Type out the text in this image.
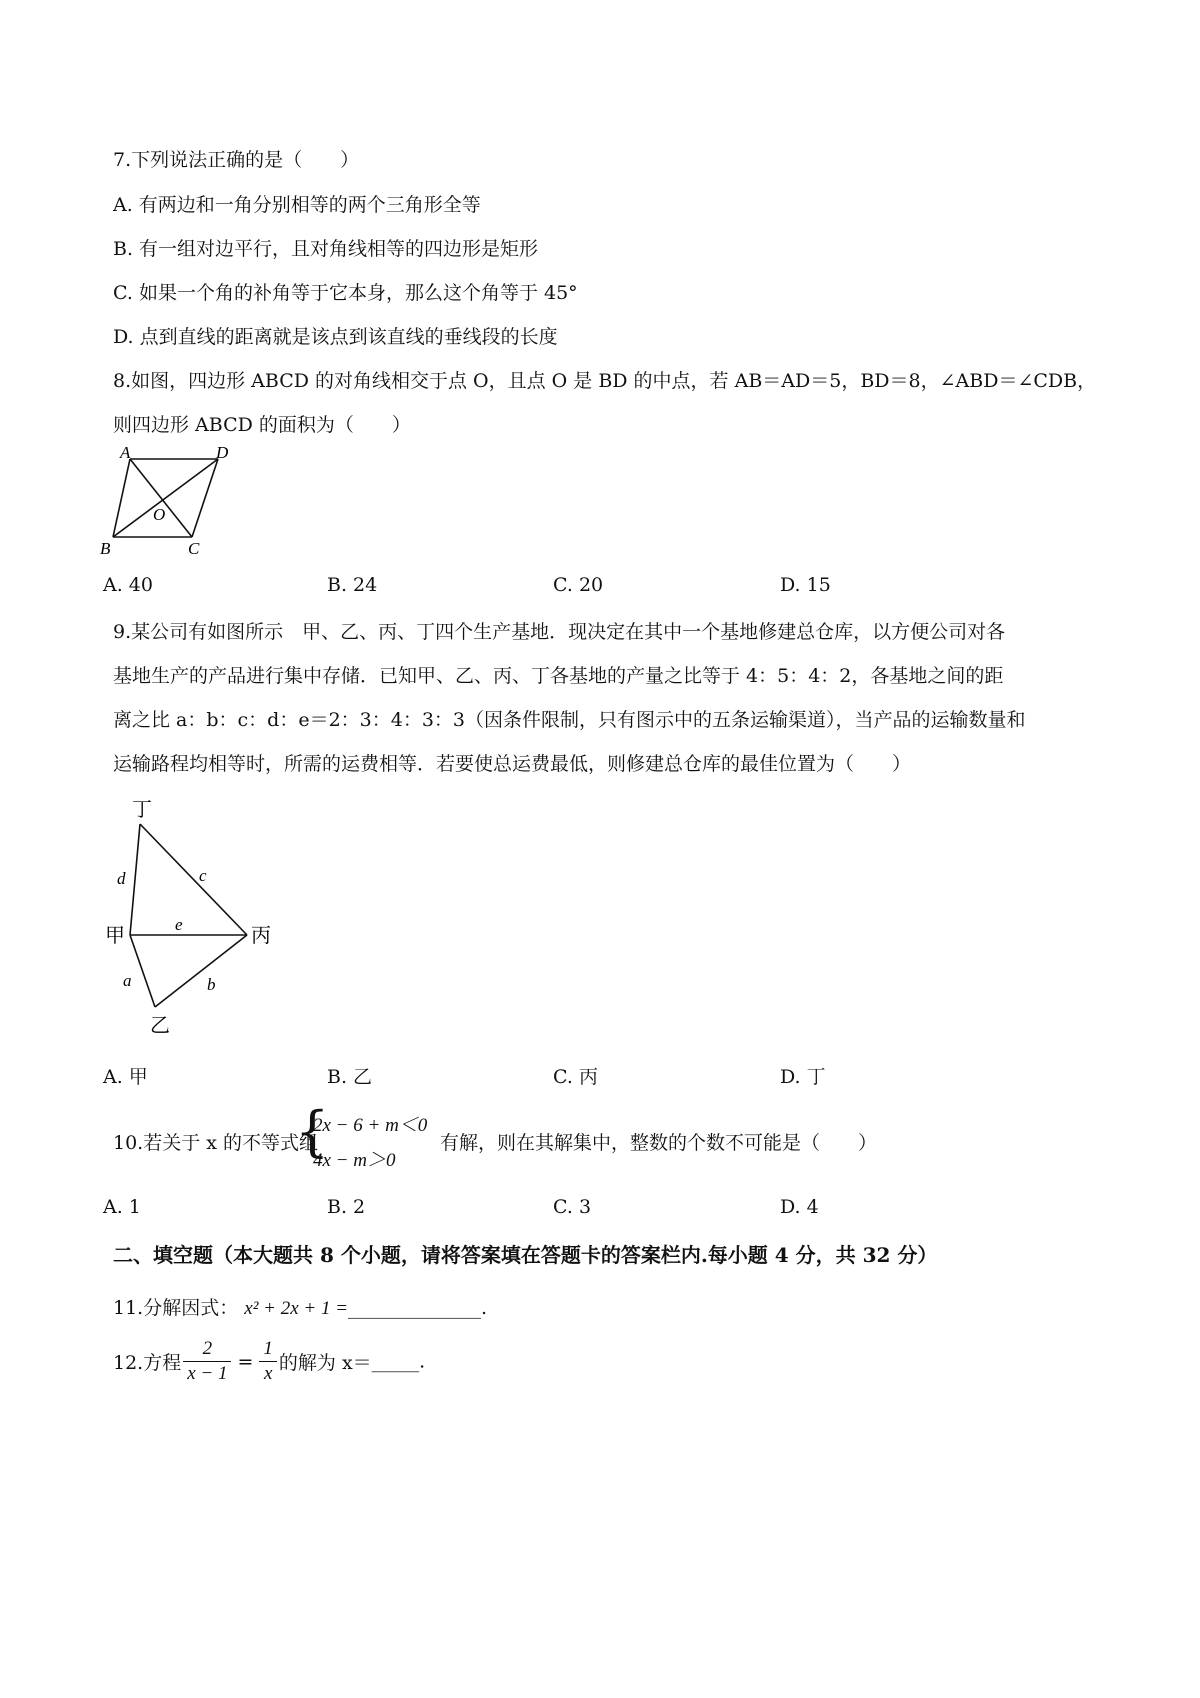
7.下列说法正确的是（　　）
A. 有两边和一角分别相等的两个三角形全等
B. 有一组对边平行，且对角线相等的四边形是矩形
C. 如果一个角的补角等于它本身，那么这个角等于 45°
D. 点到直线的距离就是该点到该直线的垂线段的长度
8.如图，四边形 ABCD 的对角线相交于点 O，且点 O 是 BD 的中点，若 AB＝AD＝5，BD＝8，∠ABD＝∠CDB，
则四边形 ABCD 的面积为（　　）
A	D
O
B	C
A. 40	B. 24	C. 20	D. 15
9.某公司有如图所示　甲、乙、丙、丁四个生产基地．现决定在其中一个基地修建总仓库，以方便公司对各
基地生产的产品进行集中存储．已知甲、乙、丙、丁各基地的产量之比等于 4：5：4：2，各基地之间的距
离之比 a：b：c：d：e＝2：3：4：3：3（因条件限制，只有图示中的五条运输渠道），当产品的运输数量和
运输路程均相等时，所需的运费相等．若要使总运费最低，则修建总仓库的最佳位置为（　　）
丁
甲	丙
乙
d	c
e
a	b
A. 甲	B. 乙	C. 丙	D. 丁
10.若关于 x 的不等式组
{
2x − 6 + m＜0
4x − m＞0
有解，则在其解集中，整数的个数不可能是（　　）
A. 1	B. 2	C. 3	D. 4
二、填空题（本大题共 8 个小题，请将答案填在答题卡的答案栏内.每小题 4 分，共 32 分）
11.分解因式： x² + 2x + 1 =______________.
12.方程 $\frac{2}{x - 1} = \frac{1}{x}$ 的解为 x＝_____.
